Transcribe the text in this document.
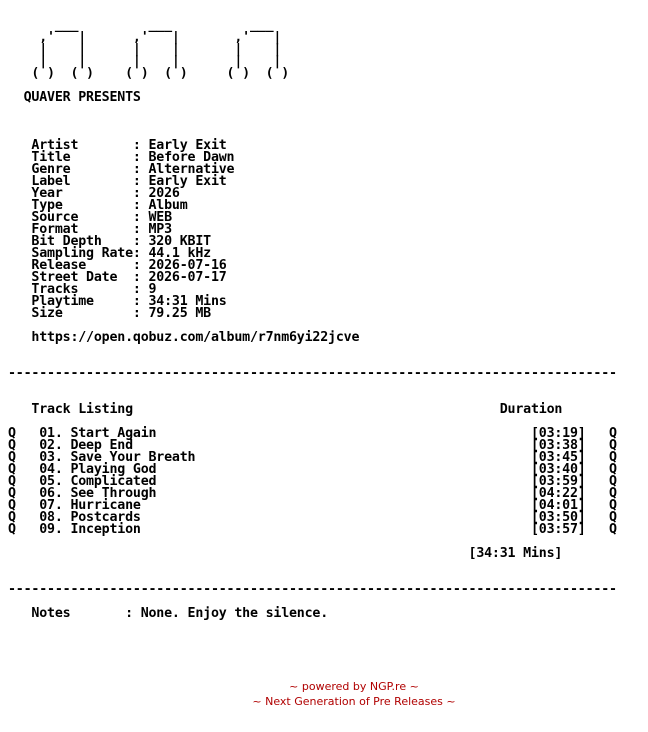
___         ___          ___
,'   |      ,'   |       ,'   |
|    |      |    |       |    |
|    |      |    |       |    |
( )  ( )    ( )  ( )     ( )  ( )

QUAVER PRESENTS

Artist       : Early Exit
Title        : Before Dawn
Genre        : Alternative
Label        : Early Exit
Year         : 2026
Type         : Album
Source       : WEB
Format       : MP3
Bit Depth    : 320 KBIT
Sampling Rate: 44.1 kHz
Release      : 2026-07-16
Street Date  : 2026-07-17
Tracks       : 9
Playtime     : 34:31 Mins
Size         : 79.25 MB

https://open.qobuz.com/album/r7nm6yi22jcve

------------------------------------------------------------------------------

Track Listing                                               Duration

Q   01. Start Again                                                [03:19]   Q
Q   02. Deep End                                                   [03:38]   Q
Q   03. Save Your Breath                                           [03:45]   Q
Q   04. Playing God                                                [03:40]   Q
Q   05. Complicated                                                [03:59]   Q
Q   06. See Through                                                [04:22]   Q
Q   07. Hurricane                                                  [04:01]   Q
Q   08. Postcards                                                  [03:50]   Q
Q   09. Inception                                                  [03:57]   Q

[34:31 Mins]

------------------------------------------------------------------------------

Notes       : None. Enjoy the silence.

~ powered by NGP.re ~
~ Next Generation of Pre Releases ~
